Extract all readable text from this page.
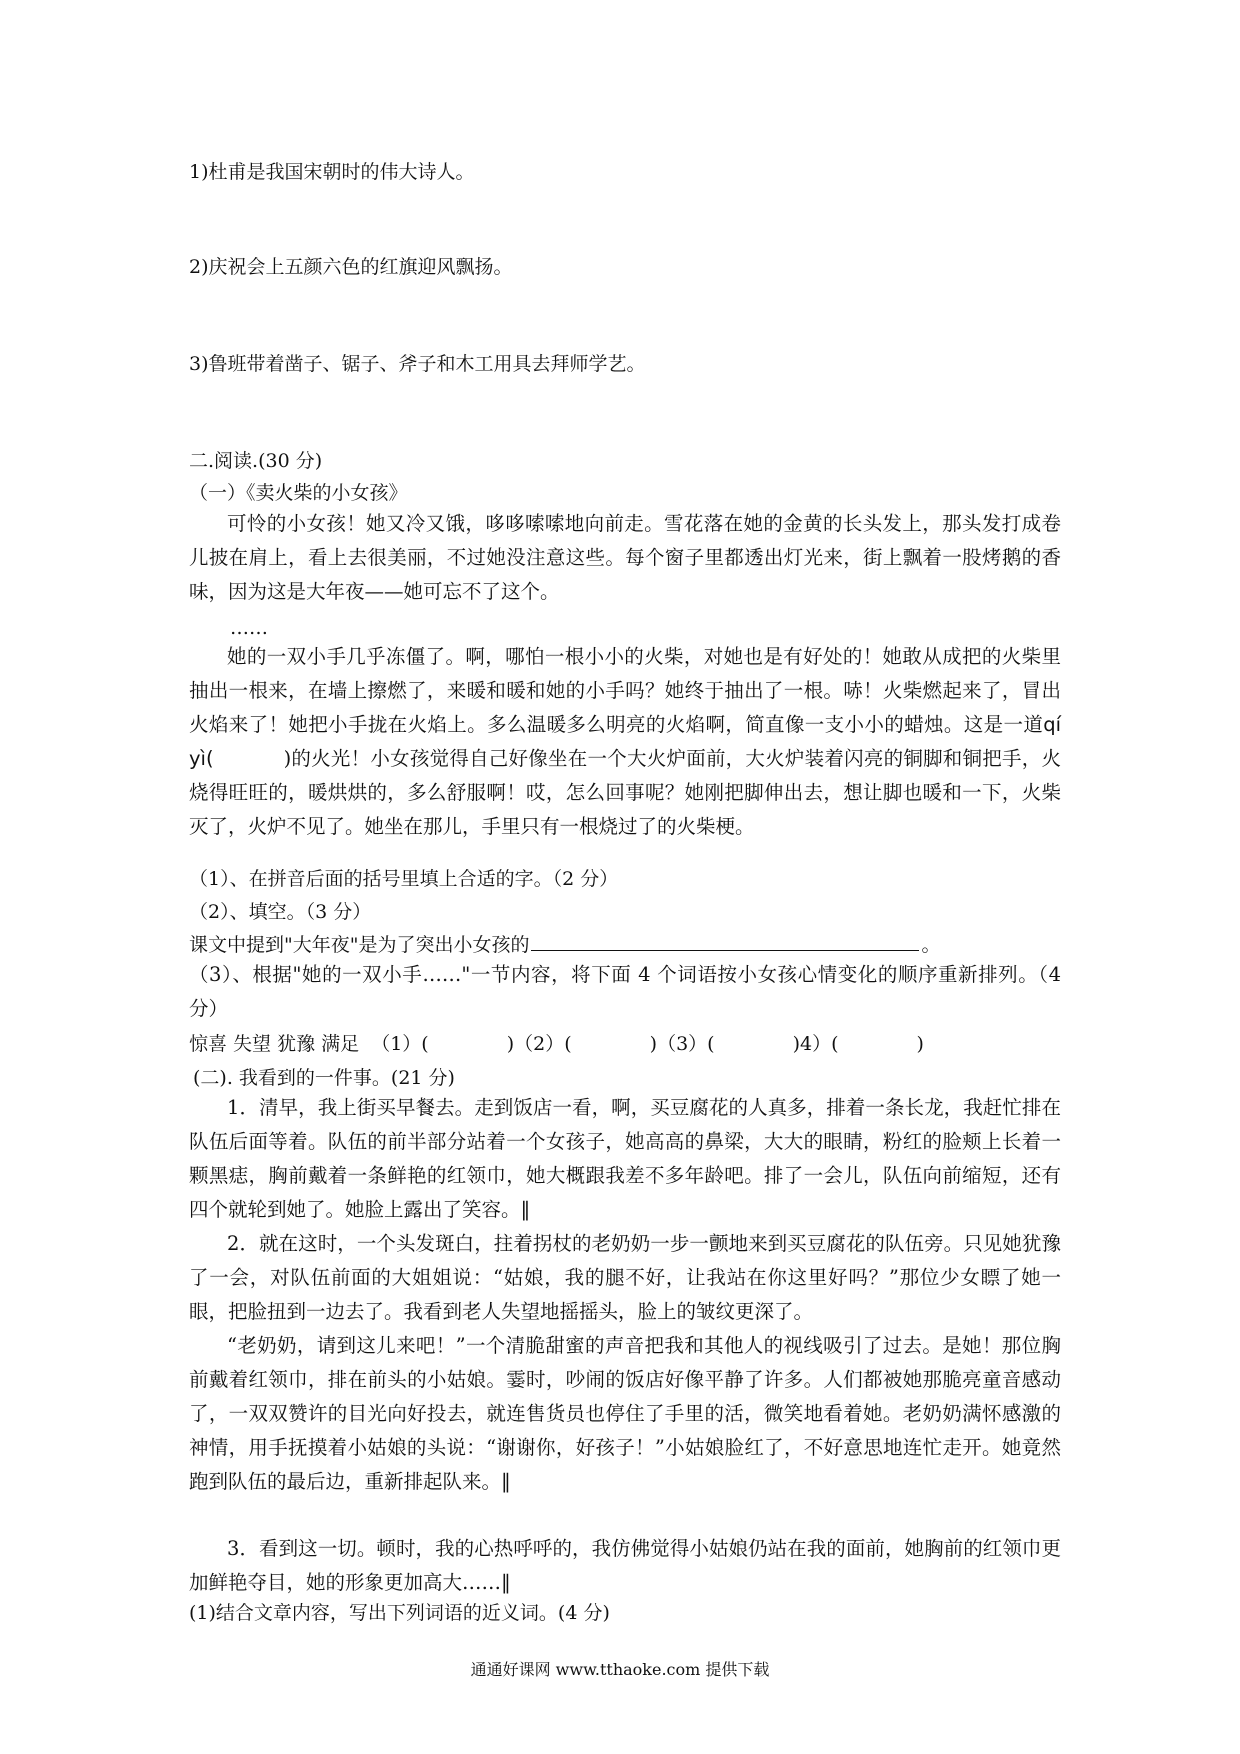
1)杜甫是我国宋朝时的伟大诗人。
2)庆祝会上五颜六色的红旗迎风飘扬。
3)鲁班带着凿子、锯子、斧子和木工用具去拜师学艺。
二.阅读.(30 分)
（一）《卖火柴的小女孩》
可怜的小女孩！她又冷又饿，哆哆嗦嗦地向前走。雪花落在她的金黄的长头发上，那头发打成卷儿披在肩上，看上去很美丽，不过她没注意这些。每个窗子里都透出灯光来，街上飘着一股烤鹅的香味，因为这是大年夜——她可忘不了这个。
……
她的一双小手几乎冻僵了。啊，哪怕一根小小的火柴，对她也是有好处的！她敢从成把的火柴里抽出一根来，在墙上擦燃了，来暖和暖和她的小手吗？她终于抽出了一根。哧！火柴燃起来了，冒出火焰来了！她把小手拢在火焰上。多么温暖多么明亮的火焰啊，简直像一支小小的蜡烛。这是一道qí yì(	)的火光！小女孩觉得自己好像坐在一个大火炉面前，大火炉装着闪亮的铜脚和铜把手，火烧得旺旺的，暖烘烘的，多么舒服啊！哎，怎么回事呢？她刚把脚伸出去，想让脚也暖和一下，火柴灭了，火炉不见了。她坐在那儿，手里只有一根烧过了的火柴梗。
（1）、在拼音后面的括号里填上合适的字。（2 分）
（2）、填空。（3 分）
课文中提到"大年夜"是为了突出小女孩的	。
（3）、根据"她的一双小手……"一节内容，将下面 4 个词语按小女孩心情变化的顺序重新排列。（4 分）
惊喜 失望 犹豫 满足 （1）(	)（2）(	)（3）(	)4）(	)
(二). 我看到的一件事。(21 分)
1．清早，我上街买早餐去。走到饭店一看，啊，买豆腐花的人真多，排着一条长龙，我赶忙排在队伍后面等着。队伍的前半部分站着一个女孩子，她高高的鼻梁，大大的眼睛，粉红的脸颊上长着一颗黑痣，胸前戴着一条鲜艳的红领巾，她大概跟我差不多年龄吧。排了一会儿，队伍向前缩短，还有四个就轮到她了。她脸上露出了笑容。‖
2．就在这时，一个头发斑白，拄着拐杖的老奶奶一步一颤地来到买豆腐花的队伍旁。只见她犹豫了一会，对队伍前面的大姐姐说：“姑娘，我的腿不好，让我站在你这里好吗？”那位少女瞟了她一眼，把脸扭到一边去了。我看到老人失望地摇摇头，脸上的皱纹更深了。
“老奶奶，请到这儿来吧！”一个清脆甜蜜的声音把我和其他人的视线吸引了过去。是她！那位胸前戴着红领巾，排在前头的小姑娘。霎时，吵闹的饭店好像平静了许多。人们都被她那脆亮童音感动了，一双双赞许的目光向好投去，就连售货员也停住了手里的活，微笑地看着她。老奶奶满怀感激的神情，用手抚摸着小姑娘的头说：“谢谢你，好孩子！”小姑娘脸红了，不好意思地连忙走开。她竟然跑到队伍的最后边，重新排起队来。‖
3．看到这一切。顿时，我的心热呼呼的，我仿佛觉得小姑娘仍站在我的面前，她胸前的红领巾更加鲜艳夺目，她的形象更加高大……‖
(1)结合文章内容，写出下列词语的近义词。(4 分)
通通好课网 www.tthaoke.com 提供下载
